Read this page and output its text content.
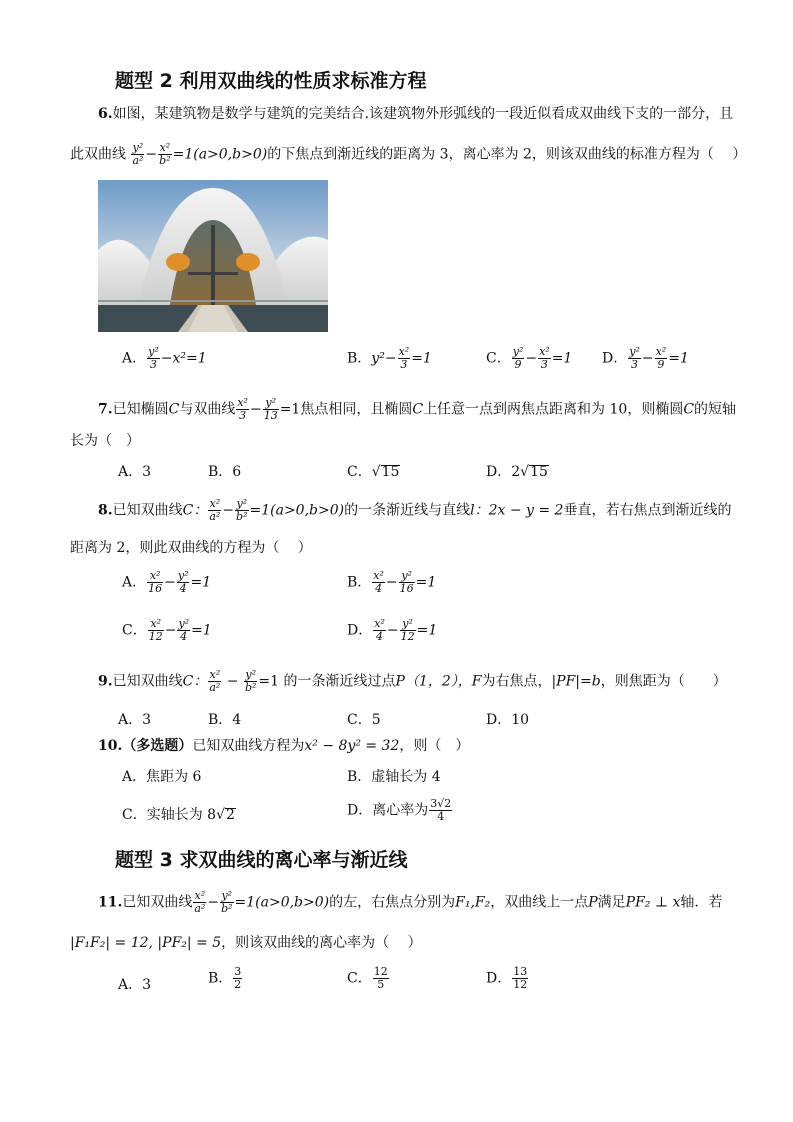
题型 2 利用双曲线的性质求标准方程
6.如图，某建筑物是数学与建筑的完美结合.该建筑物外形弧线的一段近似看成双曲线下支的一部分，且
此双曲线 $\frac{\text{y²}}{\text{a²}} - \frac{\text{x²}}{\text{b²}} =1(a>0,b>0)$的下焦点到渐近线的距离为 3，离心率为 2，则该双曲线的标准方程为（　 ）
A． $\frac{\text{y²}}{3} -x^2=1$	B．$y^2- \frac{\text{x²}}{3} =1$	C． $\frac{\text{y²}}{9} - \frac{\text{x²}}{3} =1$ D． $\frac{\text{y²}}{3} - \frac{\text{x²}}{9} =1$
7.已知椭圆C与双曲线 $\frac{\text{x²}}{3} - \frac{\text{y²}}{13} =1$焦点相同，且椭圆C上任意一点到两焦点距离和为 10，则椭圆C的短轴
长为（　）
A．3	B．6	C．√15	D．2√15
8.已知双曲线C： $\frac{\text{x²}}{\text{a²}} - \frac{\text{y²}}{\text{b²}} =1(a>0,b>0)$的一条渐近线与直线l：2x − y = 2垂直，若右焦点到渐近线的
距离为 2，则此双曲线的方程为（　 ）
A． $\frac{\text{x²}}{16} - \frac{\text{y²}}{4} =1$	B． $\frac{\text{x²}}{4} - \frac{\text{y²}}{16} =1$
C． $\frac{\text{x²}}{12} - \frac{\text{y²}}{4} =1$	D． $\frac{\text{x²}}{4} - \frac{\text{y²}}{12} =1$
9.已知双曲线C： $\frac{\text{x²}}{\text{a²}} - \frac{\text{y²}}{\text{b²}} =1$ 的一条渐近线过点P（1，2），F为右焦点，|PF|=b，则焦距为（　　）
A．3	B．4	C．5	D．10
10.（多选题）已知双曲线方程为x² − 8y² = 32，则（　）
A．焦距为 6	B．虚轴长为 4
C．实轴长为 8√2	D．离心率为 $\frac{3√2}{4}$
题型 3 求双曲线的离心率与渐近线
11.已知双曲线 $\frac{\text{x²}}{\text{a²}} - \frac{\text{y²}}{\text{b²}} =1(a>0,b>0)$的左，右焦点分别为F₁,F₂，双曲线上一点P满足PF₂ ⊥ x轴．若
|F₁F₂| = 12, |PF₂| = 5，则该双曲线的离心率为（　 ）
A．3	B． $\frac{3}{2}$	C． $\frac{12}{5}$	D． $\frac{13}{12}$
